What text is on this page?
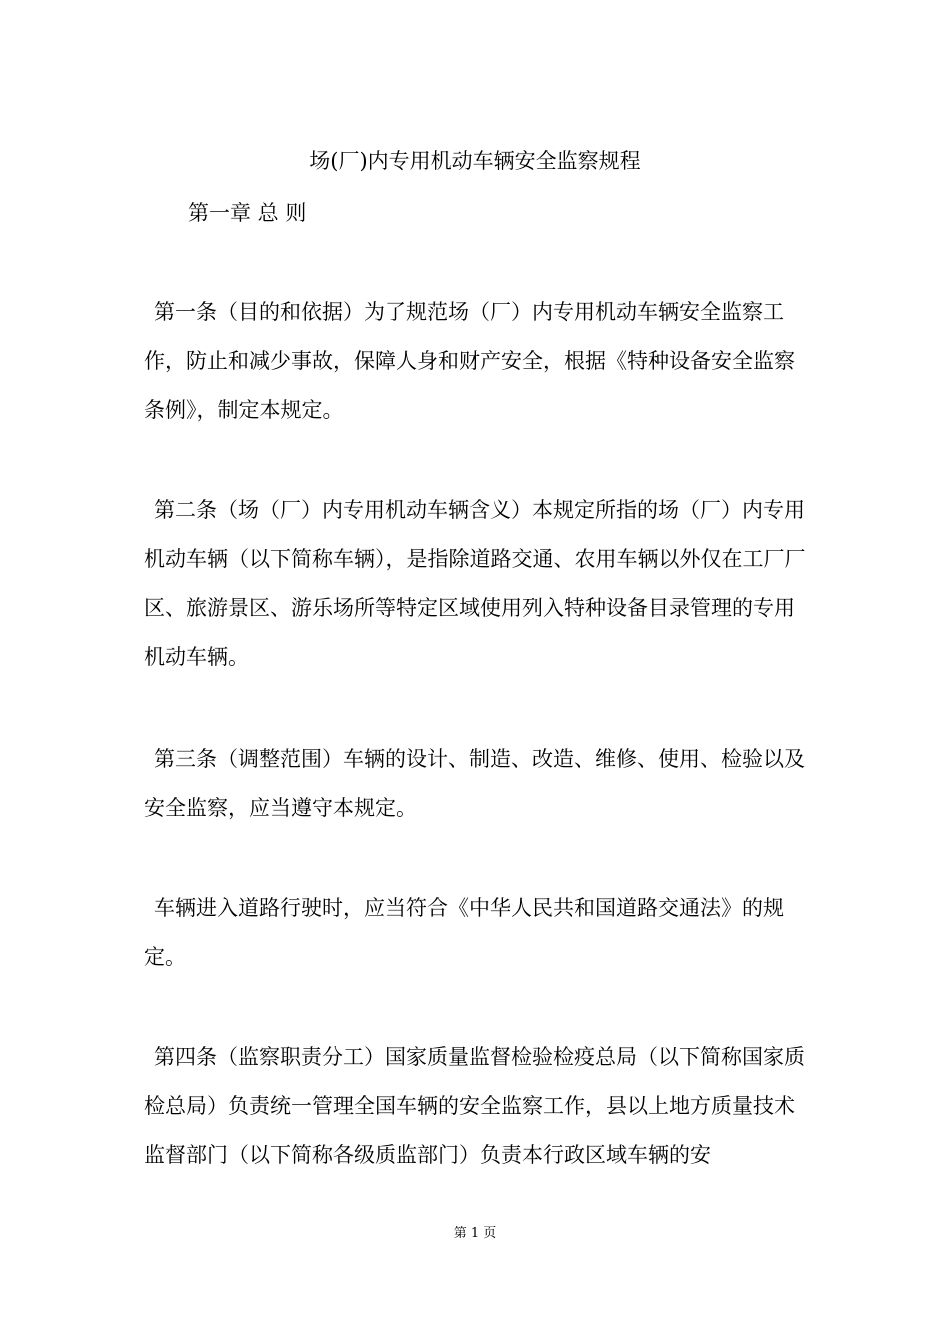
场(厂)内专用机动车辆安全监察规程
第一章 总 则

第一条（目的和依据）为了规范场（厂）内专用机动车辆安全监察工作，防止和减少事故，保障人身和财产安全，根据《特种设备安全监察条例》，制定本规定。

第二条（场（厂）内专用机动车辆含义）本规定所指的场（厂）内专用机动车辆（以下简称车辆），是指除道路交通、农用车辆以外仅在工厂厂区、旅游景区、游乐场所等特定区域使用列入特种设备目录管理的专用机动车辆。

第三条（调整范围）车辆的设计、制造、改造、维修、使用、检验以及安全监察，应当遵守本规定。

车辆进入道路行驶时，应当符合《中华人民共和国道路交通法》的规定。

第四条（监察职责分工）国家质量监督检验检疫总局（以下简称国家质检总局）负责统一管理全国车辆的安全监察工作，县以上地方质量技术监督部门（以下简称各级质监部门）负责本行政区域车辆的安

第 1 页
